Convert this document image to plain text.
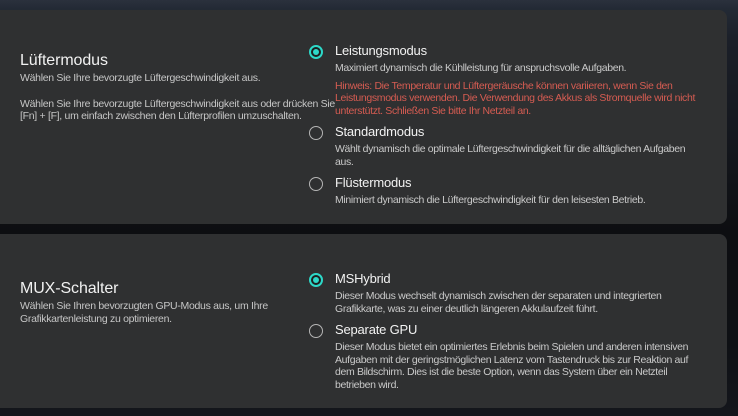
Lüftermodus
Wählen Sie Ihre bevorzugte Lüftergeschwindigkeit aus.
Wählen Sie Ihre bevorzugte Lüftergeschwindigkeit aus oder drücken Sie [Fn] + [F], um einfach zwischen den Lüfterprofilen umzuschalten.
Leistungsmodus
Maximiert dynamisch die Kühlleistung für anspruchsvolle Aufgaben.
Hinweis: Die Temperatur und Lüftergeräusche können variieren, wenn Sie den Leistungsmodus verwenden. Die Verwendung des Akkus als Stromquelle wird nicht unterstützt. Schließen Sie bitte Ihr Netzteil an.
Standardmodus
Wählt dynamisch die optimale Lüftergeschwindigkeit für die alltäglichen Aufgaben aus.
Flüstermodus
Minimiert dynamisch die Lüftergeschwindigkeit für den leisesten Betrieb.
MUX-Schalter
Wählen Sie Ihren bevorzugten GPU-Modus aus, um Ihre Grafikkartenleistung zu optimieren.
MSHybrid
Dieser Modus wechselt dynamisch zwischen der separaten und integrierten Grafikkarte, was zu einer deutlich längeren Akkulaufzeit führt.
Separate GPU
Dieser Modus bietet ein optimiertes Erlebnis beim Spielen und anderen intensiven Aufgaben mit der geringstmöglichen Latenz vom Tastendruck bis zur Reaktion auf dem Bildschirm. Dies ist die beste Option, wenn das System über ein Netzteil betrieben wird.
